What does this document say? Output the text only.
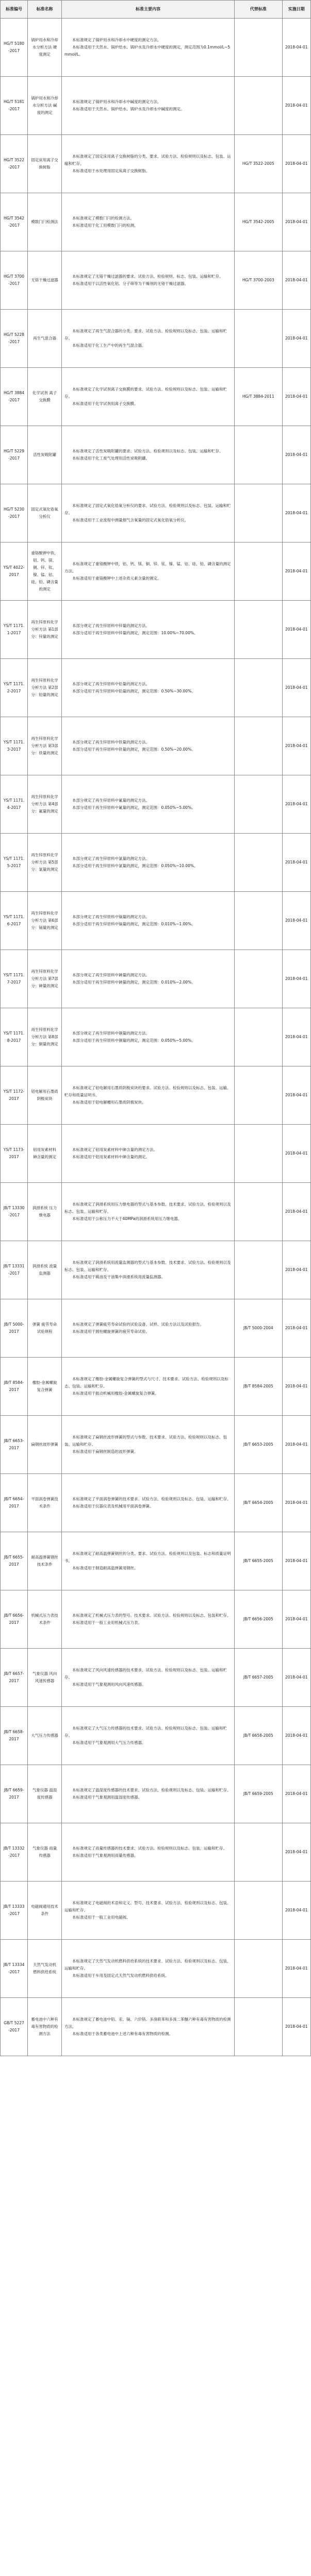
标准编号	标准名称	标准主要内容	代替标准	实施日期
HG/T 5180-2017	锅炉用水和冷却水分析方法 硬度测定	本标准规定了锅炉用水和冷却水中硬度的测定方法。
本标准适用于天然水、锅炉给水、锅炉水及冷却水中硬度的测定，测定范围为0.1mmol/L~5mmol/L。		2018-04-01
HG/T 5181-2017	锅炉用水和冷却水分析方法 碱度的测定	本标准规定了锅炉用水和冷却水中碱度的测定方法。
本标准适用于天然水、锅炉给水、锅炉水及冷却水中碱度的测定。		2018-04-01
HG/T 3522-2017	固定床用离子交换树脂	本标准规定了固定床用离子交换树脂的分类、要求、试验方法、检验规则以及标志、包装、运输和贮存。
本标准适用于水处理用固定床离子交换树脂。	HG/T 3522-2005	2018-04-01
HG/T 3542-2017	模数门闩检测法	本标准规定了模数门闩的检测方法。
本标准适用于化工用模数门闩的检测。	HG/T 3542-2005	2018-04-01
HG/T 3700-2017	无铬干燥过滤器	本标准规定了无铬干燥过滤器的要求、试验方法、检验规则、标志、包装、运输和贮存。
本标准适用于以活性氧化铝、分子筛等为干燥剂的无铬干燥过滤器。	HG/T 3700-2003	2018-04-01
HG/T 5228-2017	再生气混合器	本标准规定了再生气混合器的分类、要求、试验方法、检验规则以及标志、包装、运输和贮存。
本标准适用于化工生产中的再生气混合器。		2018-04-01
HG/T 3884-2017	化学试剂 离子交换膜	本标准规定了化学试剂离子交换膜的要求、试验方法、检验规则以及标志、包装、运输和贮存。
本标准适用于化学试剂用离子交换膜。	HG/T 3884-2011	2018-04-01
HG/T 5229-2017	活性炭吸附罐	本标准规定了活性炭吸附罐的要求、试验方法、检验规则以及标志、包装、运输和贮存。
本标准适用于化工废气处理用活性炭吸附罐。		2018-04-01
HG/T 5230-2017	固定式氧化锆氧分析仪	本标准规定了固定式氧化锆氧分析仪的要求、试验方法、检验规则以及标志、包装、运输和贮存。
本标准适用于工业流程中测量烟气含氧量的固定式氧化锆氧分析仪。		2018-04-01
YS/T 4022-2017	重铬酸钾中铁、铝、钙、镁、铜、锌、钛、镍、锰、钴、硅、铅、磷含量的测定	本标准规定了重铬酸钾中铁、铝、钙、镁、铜、锌、钛、镍、锰、钴、硅、铅、磷含量的测定方法。
本标准适用于重铬酸钾中上述杂质元素含量的测定。		2018-04-01
YS/T 1171.1-2017	再生锌原料化学分析方法 第1部分：锌量的测定	本部分规定了再生锌原料中锌量的测定方法。
本部分适用于再生锌原料中锌量的测定，测定范围：10.00%~70.00%。		2018-04-01
YS/T 1171.2-2017	再生锌原料化学分析方法 第2部分：铅量的测定	本部分规定了再生锌原料中铅量的测定方法。
本部分适用于再生锌原料中铅量的测定，测定范围：0.50%~30.00%。		2018-04-01
YS/T 1171.3-2017	再生锌原料化学分析方法 第3部分：铁量的测定	本部分规定了再生锌原料中铁量的测定方法。
本部分适用于再生锌原料中铁量的测定，测定范围：0.50%~20.00%。		2018-04-01
YS/T 1171.4-2017	再生锌原料化学分析方法 第4部分：氟量的测定	本部分规定了再生锌原料中氟量的测定方法。
本部分适用于再生锌原料中氟量的测定，测定范围：0.050%~5.00%。		2018-04-01
YS/T 1171.5-2017	再生锌原料化学分析方法 第5部分：氯量的测定	本部分规定了再生锌原料中氯量的测定方法。
本部分适用于再生锌原料中氯量的测定，测定范围：0.050%~10.00%。		2018-04-01
YS/T 1171.6-2017	再生锌原料化学分析方法 第6部分：镉量的测定	本部分规定了再生锌原料中镉量的测定方法。
本部分适用于再生锌原料中镉量的测定，测定范围：0.010%~1.00%。		2018-04-01
YS/T 1171.7-2017	再生锌原料化学分析方法 第7部分：砷量的测定	本部分规定了再生锌原料中砷量的测定方法。
本部分适用于再生锌原料中砷量的测定，测定范围：0.010%~2.00%。		2018-04-01
YS/T 1171.8-2017	再生锌原料化学分析方法 第8部分：铜量的测定	本部分规定了再生锌原料中铜量的测定方法。
本部分适用于再生锌原料中铜量的测定，测定范围：0.050%~5.00%。		2018-04-01
YS/T 1172-2017	铝电解用石墨质阴极炭块	本标准规定了铝电解用石墨质阴极炭块的要求、试验方法、检验规则以及标志、包装、运输、贮存和质量证明书。
本标准适用于铝电解槽用石墨质阴极炭块。		2018-04-01
YS/T 1173-2017	铝用炭素材料 砷含量的测定	本标准规定了铝用炭素材料中砷含量的测定方法。
本标准适用于铝用炭素材料中砷含量的测定。		2018-04-01
JB/T 13330-2017	润滑系统 压力继电器	本标准规定了润滑系统用压力继电器的型式与基本参数、技术要求、试验方法、检验规则以及标志、包装、运输和贮存。
本标准适用于公称压力不大于40MPa的润滑系统用压力继电器。		2018-04-01
JB/T 13331-2017	润滑系统 流量监测器	本标准规定了润滑系统用流量监测器的型式与基本参数、技术要求、试验方法、检验规则以及标志、包装、运输和贮存。
本标准适用于稀油及干油集中润滑系统用流量监测器。		2018-04-01
JB/T 5000-2017	弹簧 疲劳寿命试验规程	本标准规定了弹簧疲劳寿命试验的试验设备、试样、试验方法以及试验报告。
本标准适用于圆柱螺旋弹簧的疲劳寿命试验。	JB/T 5000-2004	2018-04-01
JB/T 8584-2017	橡胶-金属螺旋复合弹簧	本标准规定了橡胶-金属螺旋复合弹簧的型式与尺寸、技术要求、试验方法、检验规则以及标志、包装、运输和贮存。
本标准适用于振动机械用橡胶-金属螺旋复合弹簧。	JB/T 8584-2005	2018-04-01
JB/T 6653-2017	扁钢丝波形弹簧	本标准规定了扁钢丝波形弹簧的型式与参数、技术要求、试验方法、检验规则以及标志、包装、运输和贮存。
本标准适用于扁钢丝制造的波形弹簧。	JB/T 6653-2005	2018-04-01
JB/T 6654-2017	平面涡卷弹簧技术条件	本标准规定了平面涡卷弹簧的技术要求、试验方法、检验规则以及标志、包装、运输和贮存。
本标准适用于仪器仪表及机械用平面涡卷弹簧。	JB/T 6654-2005	2018-04-01
JB/T 6655-2017	耐高温弹簧钢丝技术条件	本标准规定了耐高温弹簧钢丝的分类、要求、试验方法、检验规则以及包装、标志和质量证明书。
本标准适用于制造耐高温弹簧用钢丝。	JB/T 6655-2005	2018-04-01
JB/T 6656-2017	机械式压力表技术条件	本标准规定了机械式压力表的型号、技术要求、试验方法、检验规则以及标志、包装和贮存。
本标准适用于一般工业用机械式压力表。	JB/T 6656-2005	2018-04-01
JB/T 6657-2017	气象仪器 风向风速传感器	本标准规定了风向风速传感器的技术要求、试验方法、检验规则以及标志、包装、运输和贮存。
本标准适用于气象观测用风向风速传感器。	JB/T 6657-2005	2018-04-01
JB/T 6658-2017	大气压力传感器	本标准规定了大气压力传感器的技术要求、试验方法、检验规则以及标志、包装、运输和贮存。
本标准适用于气象观测用大气压力传感器。	JB/T 6658-2005	2018-04-01
JB/T 6659-2017	气象仪器 温湿度传感器	本标准规定了温湿度传感器的技术要求、试验方法、检验规则以及标志、包装、运输和贮存。
本标准适用于气象观测用温湿度传感器。	JB/T 6659-2005	2018-04-01
JB/T 13332-2017	气象仪器 雨量传感器	本标准规定了雨量传感器的技术要求、试验方法、检验规则以及标志、包装、运输和贮存。
本标准适用于气象观测用雨量传感器。		2018-04-01
JB/T 13333-2017	电磁阀通用技术条件	本标准规定了电磁阀的术语和定义、型号、技术要求、试验方法、检验规则以及标志、包装、运输和贮存。
本标准适用于一般工业用电磁阀。		2018-04-01
JB/T 13334-2017	天然气发动机 燃料供给系统	本标准规定了天然气发动机燃料供给系统的技术要求、试验方法、检验规则以及标志、包装、运输和贮存。
本标准适用于车用及固定式天然气发动机燃料供给系统。		2018-04-01
GB/T 5227-2017	蓄电池中六种有毒有害物质的检测方法	本标准规定了蓄电池中铅、汞、镉、六价铬、多溴联苯和多溴二苯醚六种有毒有害物质的检测方法。
本标准适用于各类蓄电池中上述六种有毒有害物质的检测。		2018-04-01
